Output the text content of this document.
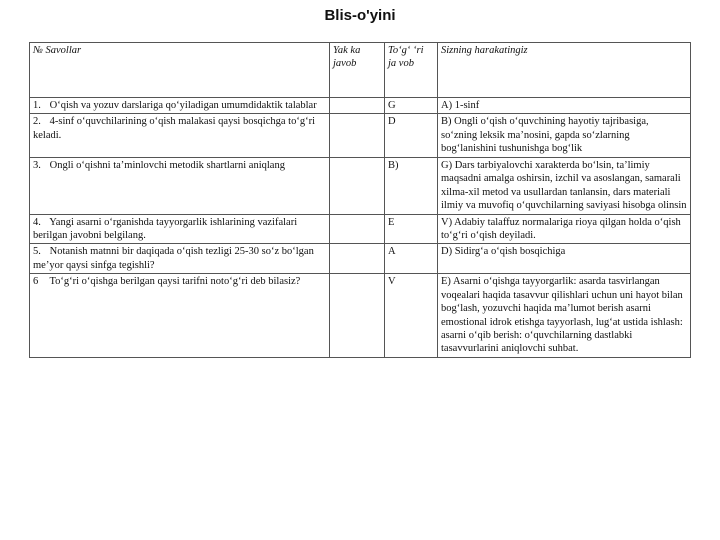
Blis-o'yini
№ Savollar	Yak ka javob	To‘g‘ ‘ri ja vob	Sizning harakatingiz
1. O‘qish va yozuv darslariga qo‘yiladigan umumdidaktik talablar		G	A) 1-sinf
2. 4-sinf o‘quvchilarining o‘qish malakasi qaysi bosqichga to‘g‘ri keladi.		D	B) Ongli o‘qish o‘quvchining hayotiy tajribasiga, so‘zning leksik ma’nosini, gapda so‘zlarning bog‘lanishini tushunishga bog‘lik
3. Ongli o‘qishni ta’minlovchi metodik shartlarni aniqlang		B)	G) Dars tarbiyalovchi xarakterda bo‘lsin, ta’limiy maqsadni amalga oshirsin, izchil va asoslangan, samarali xilma-xil metod va usullardan tanlansin, dars materiali ilmiy va muvofiq o‘quvchilarning saviyasi hisobga olinsin
4. Yangi asarni o‘rganishda tayyorgarlik ishlarining vazifalari berilgan javobni belgilang.		E	V) Adabiy talaffuz normalariga rioya qilgan holda o‘qish to‘g‘ri o‘qish deyiladi.
5. Notanish matnni bir daqiqada o‘qish tezligi 25-30 so‘z bo‘lgan me’yor qaysi sinfga tegishli?		A	D) Sidirg‘a o‘qish bosqichiga
6 To‘g‘ri o‘qishga berilgan qaysi tarifni noto‘g‘ri deb bilasiz?		V	E) Asarni o‘qishga tayyorgarlik: asarda tasvirlangan voqealari haqida tasavvur qilishlari uchun uni hayot bilan bog‘lash, yozuvchi haqida ma’lumot berish asarni emostional idrok etishga tayyorlash, lug‘at ustida ishlash: asarni o‘qib berish: o‘quvchilarning dastlabki tasavvurlarini aniqlovchi suhbat.
